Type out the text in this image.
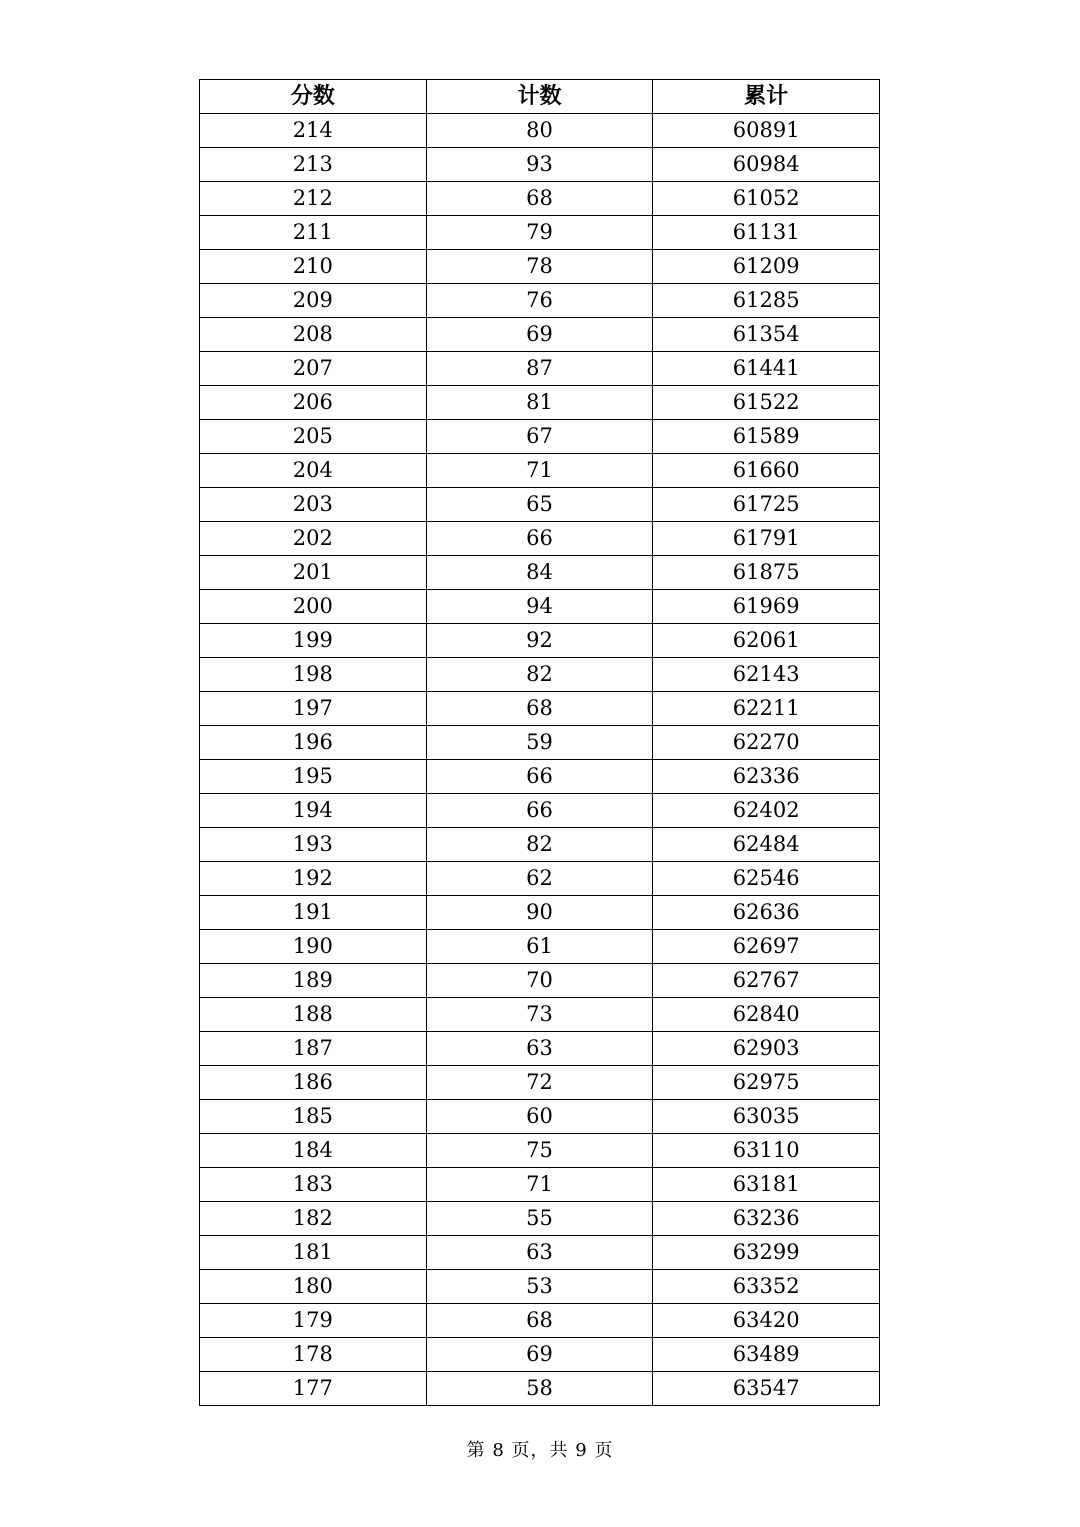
分数	计数	累计
214	80	60891
213	93	60984
212	68	61052
211	79	61131
210	78	61209
209	76	61285
208	69	61354
207	87	61441
206	81	61522
205	67	61589
204	71	61660
203	65	61725
202	66	61791
201	84	61875
200	94	61969
199	92	62061
198	82	62143
197	68	62211
196	59	62270
195	66	62336
194	66	62402
193	82	62484
192	62	62546
191	90	62636
190	61	62697
189	70	62767
188	73	62840
187	63	62903
186	72	62975
185	60	63035
184	75	63110
183	71	63181
182	55	63236
181	63	63299
180	53	63352
179	68	63420
178	69	63489
177	58	63547
第 8 页，共 9 页
